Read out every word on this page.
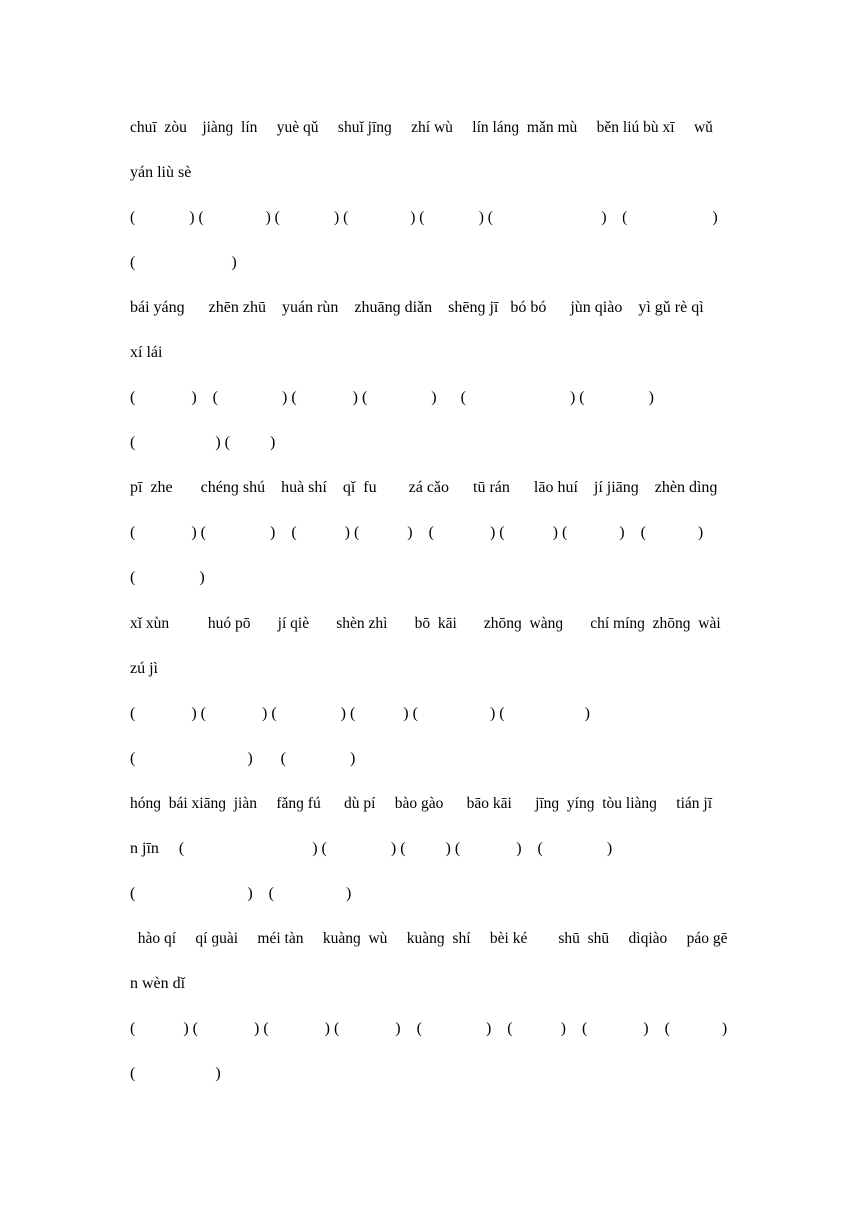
chuī  zòu    jiànɡ  lín     yuè qǔ     shuǐ jīnɡ     zhí wù     lín lánɡ  mǎn mù     běn liú bù xī     wǔ
yán liù sè
(              ) (                ) (              ) (                ) (              ) (                            )    (                      )
(                        )
bái yánɡ      zhēn zhū    yuán rùn    zhuānɡ diǎn    shēnɡ jī   bó bó      jùn qiào    yì gǔ rè qì
xí lái
(              )    (                ) (              ) (                )      (                          ) (                )
(                    ) (          )
pī  zhe       chénɡ shú    huà shí    qǐ  fu        zá cǎo      tū rán      lāo huí    jí jiānɡ    zhèn dìnɡ
(              ) (                )    (            ) (            )    (              ) (            ) (             )    (             )
(                )
xǐ xùn          huó pō       jí qiè       shèn zhì       bō  kāi       zhōnɡ  wànɡ       chí mínɡ  zhōnɡ  wài
zú jì
(              ) (              ) (                ) (            ) (                  ) (                    )
(                            )       (                )
hónɡ  bái xiānɡ  jiàn     fǎnɡ fú      dù pí     bào gào      bāo kāi      jīnɡ  yínɡ  tòu liànɡ     tián jī
n jīn     (                                ) (                ) (          ) (              )    (                )
(                            )    (                  )
hào qí     qí ɡuài     méi tàn     kuànɡ  wù     kuànɡ  shí     bèi ké        shū  shū     dìqiào     páo gē
n wèn dǐ
(            ) (              ) (              ) (              )    (                )    (            )    (              )    (             )
(                    )
